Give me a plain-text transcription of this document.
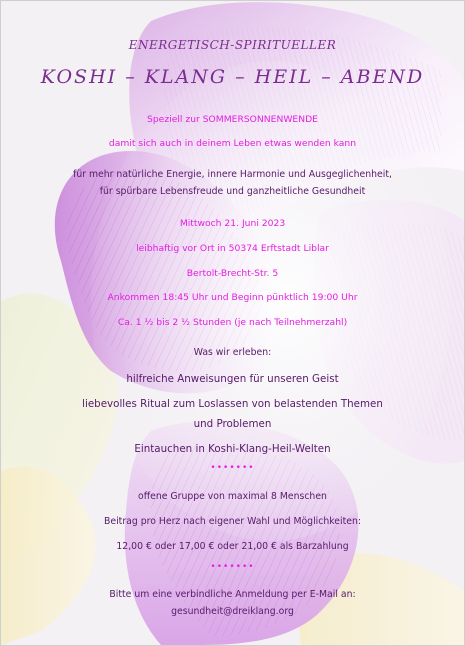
ENERGETISCH-SPIRITUELLER
KOSHI – KLANG – HEIL – ABEND
Speziell zur SOMMERSONNENWENDE
damit sich auch in deinem Leben etwas wenden kann
für mehr natürliche Energie, innere Harmonie und Ausgeglichenheit,
für spürbare Lebensfreude und ganzheitliche Gesundheit
Mittwoch 21. Juni 2023
leibhaftig vor Ort in 50374 Erftstadt Liblar
Bertolt-Brecht-Str. 5
Ankommen 18:45 Uhr und Beginn pünktlich 19:00 Uhr
Ca. 1 ½ bis 2 ½ Stunden (je nach Teilnehmerzahl)
Was wir erleben:
hilfreiche Anweisungen für unseren Geist
liebevolles Ritual zum Loslassen von belastenden Themen
und Problemen
Eintauchen in Koshi-Klang-Heil-Welten
•••••••
offene Gruppe von maximal 8 Menschen
Beitrag pro Herz nach eigener Wahl und Möglichkeiten:
12,00 € oder 17,00 € oder 21,00 € als Barzahlung
•••••••
Bitte um eine verbindliche Anmeldung per E-Mail an:
gesundheit@dreiklang.org
